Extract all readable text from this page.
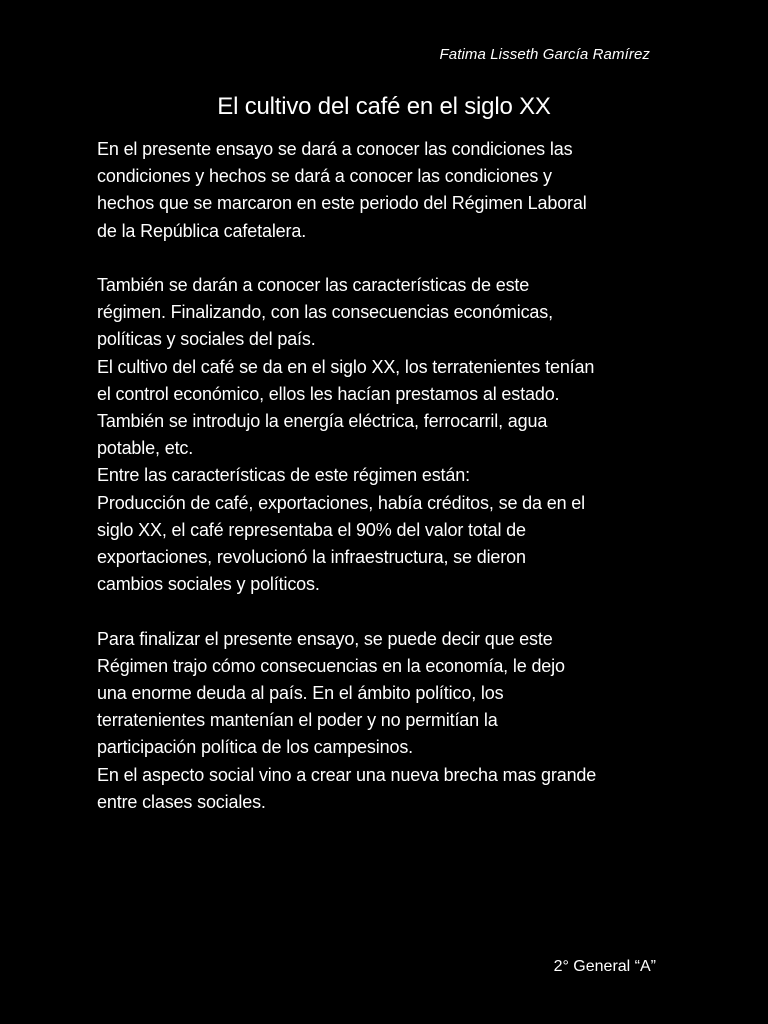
Fatima Lisseth García Ramírez
El cultivo del café en el siglo XX

En el presente ensayo se dará a conocer las condiciones las
condiciones y hechos se dará a conocer las condiciones y
hechos que se marcaron en este periodo del Régimen Laboral
de la República cafetalera.

También se darán a conocer las características de este
régimen. Finalizando, con las consecuencias económicas,
políticas y sociales del país.
El cultivo del café se da en el siglo XX, los terratenientes tenían
el control económico, ellos les hacían prestamos al estado.
También se introdujo la energía eléctrica, ferrocarril, agua
potable, etc.
Entre las características de este régimen están:
Producción de café, exportaciones, había créditos, se da en el
siglo XX, el café representaba el 90% del valor total de
exportaciones, revolucionó la infraestructura, se dieron
cambios sociales y políticos.

Para finalizar el presente ensayo, se puede decir que este
Régimen trajo cómo consecuencias en la economía, le dejo
una enorme deuda al país. En el ámbito político, los
terratenientes mantenían el poder y no permitían la
participación política de los campesinos.
En el aspecto social vino a crear una nueva brecha mas grande
entre clases sociales.

2° General “A”
